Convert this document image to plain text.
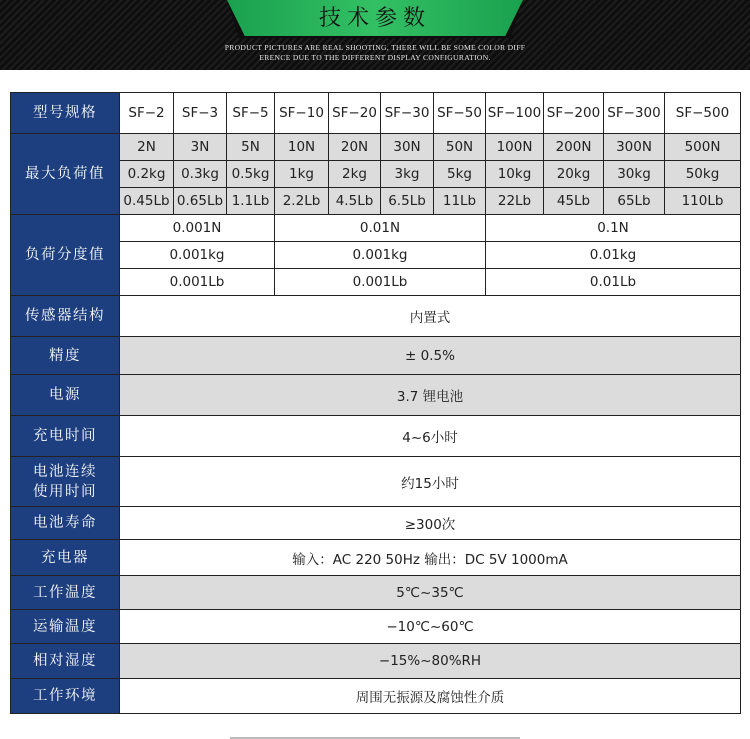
技术参数
PRODUCT PICTURES ARE REAL SHOOTING, THERE WILL BE SOME COLOR DIFF
ERENCE DUE TO THE DIFFERENT DISPLAY CONFIGURATION.
型号规格	SF−2	SF−3	SF−5	SF−10	SF−20	SF−30	SF−50	SF−100	SF−200	SF−300	SF−500
最大负荷值	2N	3N	5N	10N	20N	30N	50N	100N	200N	300N	500N
	0.2kg	0.3kg	0.5kg	1kg	2kg	3kg	5kg	10kg	20kg	30kg	50kg
	0.45Lb	0.65Lb	1.1Lb	2.2Lb	4.5Lb	6.5Lb	11Lb	22Lb	45Lb	65Lb	110Lb
负荷分度值	0.001N			0.01N				0.1N			
	0.001kg			0.001kg				0.01kg			
	0.001Lb			0.001Lb				0.01Lb			
传感器结构	内置式										
精度	± 0.5%										
电源	3.7 锂电池										
充电时间	4~6小时										
电池连续使用时间	约15小时										
电池寿命	≥300次										
充电器	输入：AC 220 50Hz 输出：DC 5V 1000mA										
工作温度	5℃~35℃										
运输温度	−10℃~60℃										
相对湿度	−15%~80%RH										
工作环境	周围无振源及腐蚀性介质										
